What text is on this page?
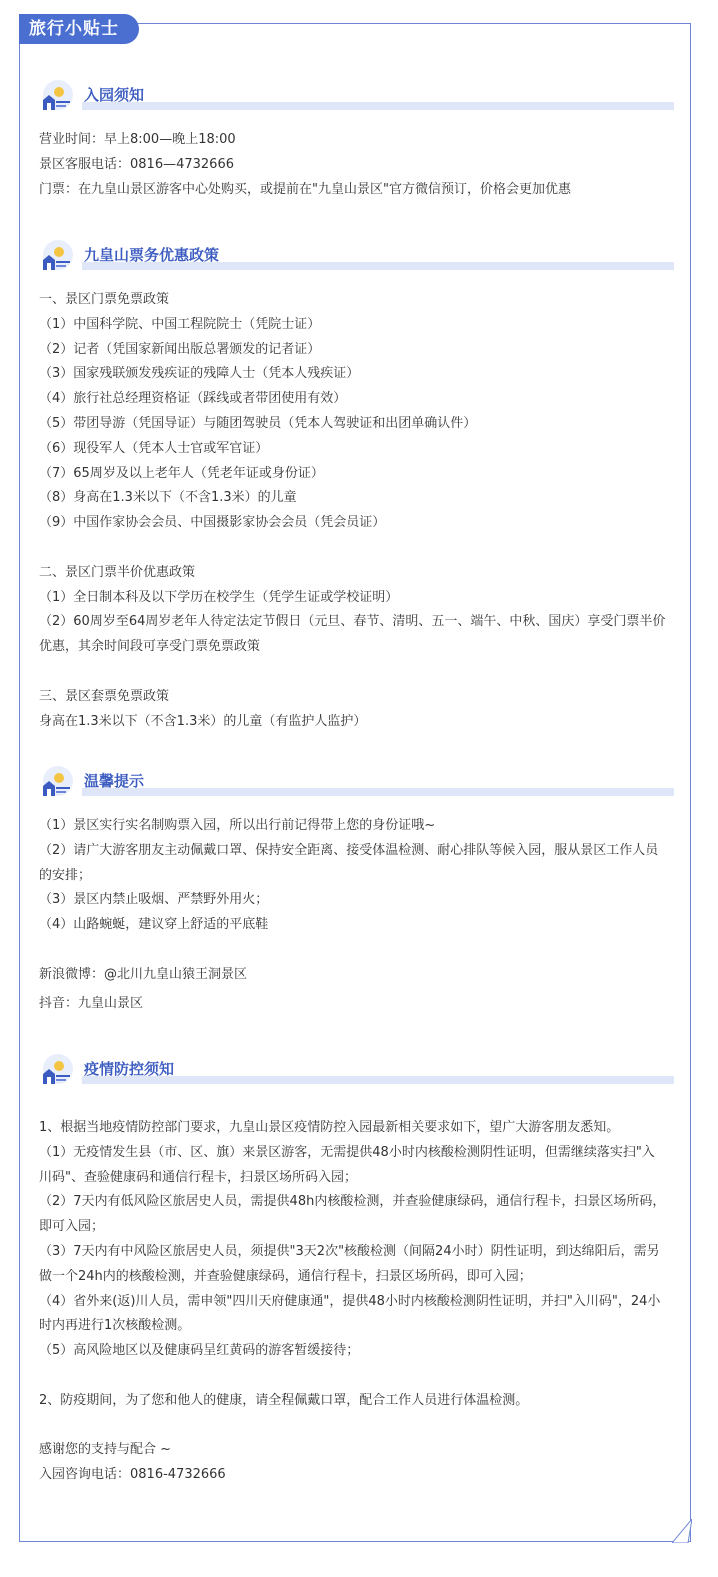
旅行小贴士
入园须知

营业时间：早上8:00—晚上18:00

景区客服电话：0816—4732666

门票：在九皇山景区游客中心处购买，或提前在"九皇山景区"官方微信预订，价格会更加优惠

九皇山票务优惠政策

一、景区门票免票政策

（1）中国科学院、中国工程院院士（凭院士证）

（2）记者（凭国家新闻出版总署颁发的记者证）

（3）国家残联颁发残疾证的残障人士（凭本人残疾证）

（4）旅行社总经理资格证（踩线或者带团使用有效）

（5）带团导游（凭国导证）与随团驾驶员（凭本人驾驶证和出团单确认件）

（6）现役军人（凭本人士官或军官证）

（7）65周岁及以上老年人（凭老年证或身份证）

（8）身高在1.3米以下（不含1.3米）的儿童

（9）中国作家协会会员、中国摄影家协会会员（凭会员证）

二、景区门票半价优惠政策

（1）全日制本科及以下学历在校学生（凭学生证或学校证明）

（2）60周岁至64周岁老年人待定法定节假日（元旦、春节、清明、五一、端午、中秋、国庆）享受门票半价优惠，其余时间段可享受门票免票政策

三、景区套票免票政策

身高在1.3米以下（不含1.3米）的儿童（有监护人监护）

温馨提示

（1）景区实行实名制购票入园，所以出行前记得带上您的身份证哦~

（2）请广大游客朋友主动佩戴口罩、保持安全距离、接受体温检测、耐心排队等候入园，服从景区工作人员的安排；

（3）景区内禁止吸烟、严禁野外用火；

（4）山路蜿蜒，建议穿上舒适的平底鞋

新浪微博：@北川九皇山猿王洞景区

抖音：九皇山景区

疫情防控须知

1、根据当地疫情防控部门要求，九皇山景区疫情防控入园最新相关要求如下，望广大游客朋友悉知。

（1）无疫情发生县（市、区、旗）来景区游客，无需提供48小时内核酸检测阴性证明，但需继续落实扫"入川码"、查验健康码和通信行程卡，扫景区场所码入园；

（2）7天内有低风险区旅居史人员，需提供48h内核酸检测，并查验健康绿码，通信行程卡，扫景区场所码，即可入园；

（3）7天内有中风险区旅居史人员，须提供"3天2次"核酸检测（间隔24小时）阴性证明，到达绵阳后，需另做一个24h内的核酸检测，并查验健康绿码，通信行程卡，扫景区场所码，即可入园；

（4）省外来(返)川人员，需申领"四川天府健康通"，提供48小时内核酸检测阴性证明，并扫"入川码"，24小时内再进行1次核酸检测。

（5）高风险地区以及健康码呈红黄码的游客暂缓接待；

2、防疫期间，为了您和他人的健康，请全程佩戴口罩，配合工作人员进行体温检测。

感谢您的支持与配合 ~

入园咨询电话：0816-4732666
